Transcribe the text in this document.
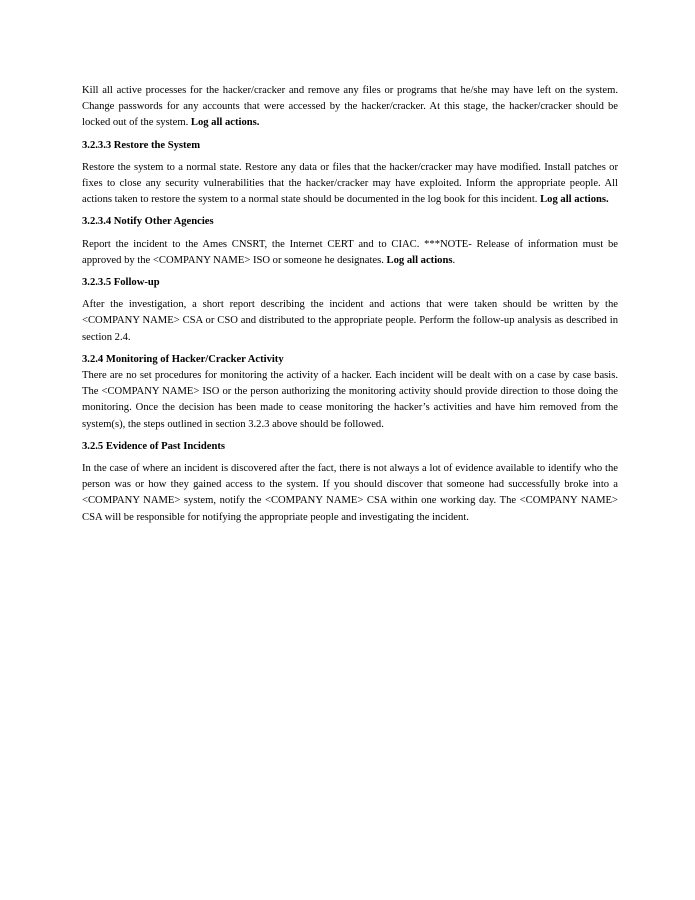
Kill all active processes for the hacker/cracker and remove any files or programs that he/she may have left on the system. Change passwords for any accounts that were accessed by the hacker/cracker. At this stage, the hacker/cracker should be locked out of the system. Log all actions.

3.2.3.3 Restore the System

Restore the system to a normal state. Restore any data or files that the hacker/cracker may have modified. Install patches or fixes to close any security vulnerabilities that the hacker/cracker may have exploited. Inform the appropriate people. All actions taken to restore the system to a normal state should be documented in the log book for this incident. Log all actions.

3.2.3.4 Notify Other Agencies

Report the incident to the Ames CNSRT, the Internet CERT and to CIAC. ***NOTE- Release of information must be approved by the <COMPANY NAME> ISO or someone he designates. Log all actions.

3.2.3.5 Follow-up

After the investigation, a short report describing the incident and actions that were taken should be written by the <COMPANY NAME> CSA or CSO and distributed to the appropriate people. Perform the follow-up analysis as described in section 2.4.

3.2.4 Monitoring of Hacker/Cracker Activity

There are no set procedures for monitoring the activity of a hacker. Each incident will be dealt with on a case by case basis. The <COMPANY NAME> ISO or the person authorizing the monitoring activity should provide direction to those doing the monitoring. Once the decision has been made to cease monitoring the hacker’s activities and have him removed from the system(s), the steps outlined in section 3.2.3 above should be followed.

3.2.5 Evidence of Past Incidents

In the case of where an incident is discovered after the fact, there is not always a lot of evidence available to identify who the person was or how they gained access to the system. If you should discover that someone had successfully broke into a <COMPANY NAME> system, notify the <COMPANY NAME> CSA within one working day. The <COMPANY NAME> CSA will be responsible for notifying the appropriate people and investigating the incident.
